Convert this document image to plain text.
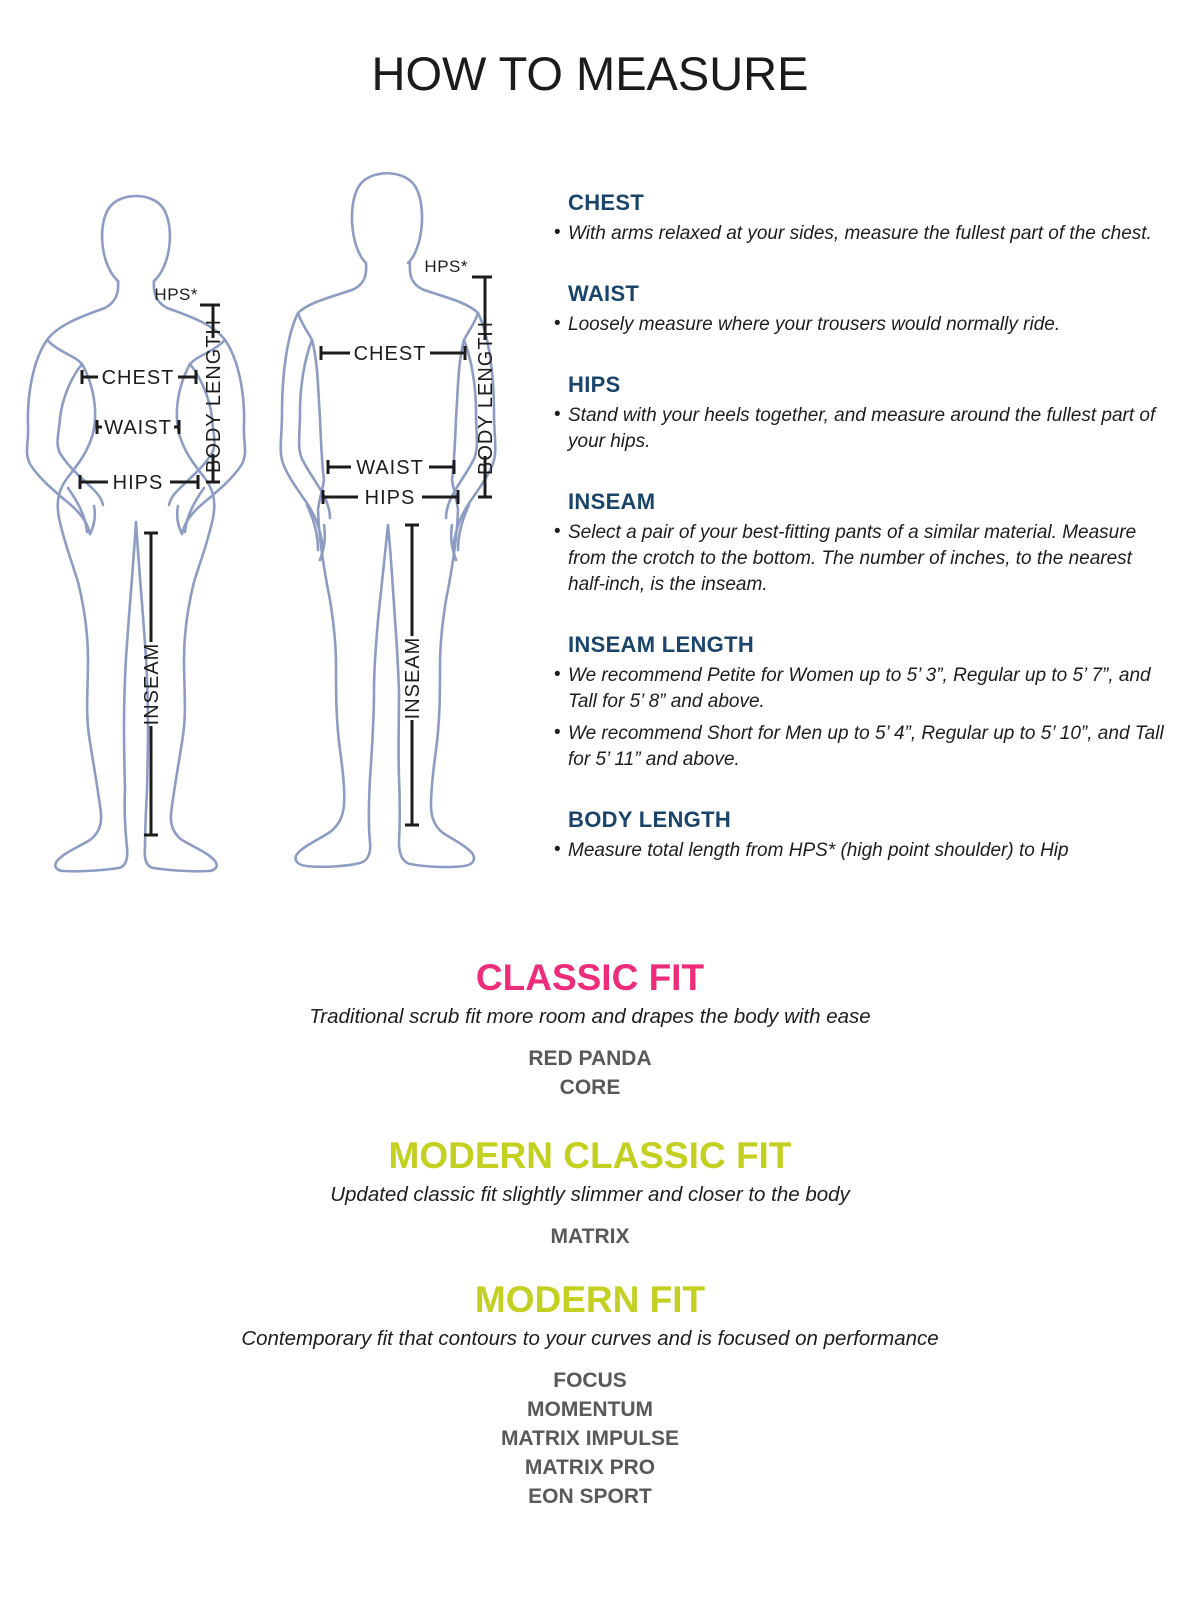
HOW TO MEASURE
CHEST
WAIST
HIPS
HPS*
BODY LENGTH
INSEAM
CHEST
WAIST
HIPS
HPS*
BODY LENGTH
INSEAM
CHEST
• With arms relaxed at your sides, measure the fullest part of the chest.
WAIST
• Loosely measure where your trousers would normally ride.
HIPS
• Stand with your heels together, and measure around the fullest part of your hips.
INSEAM
• Select a pair of your best-fitting pants of a similar material. Measure from the crotch to the bottom. The number of inches, to the nearest half-inch, is the inseam.
INSEAM LENGTH
• We recommend Petite for Women up to 5’ 3”, Regular up to 5’ 7”, and Tall for 5’ 8” and above.
• We recommend Short for Men up to 5’ 4”, Regular up to 5’ 10”, and Tall for 5’ 11” and above.
BODY LENGTH
• Measure total length from HPS* (high point shoulder) to Hip
CLASSIC FIT

Traditional scrub fit more room and drapes the body with ease

RED PANDA
CORE
MODERN CLASSIC FIT

Updated classic fit slightly slimmer and closer to the body

MATRIX
MODERN FIT

Contemporary fit that contours to your curves and is focused on performance

FOCUS
MOMENTUM
MATRIX IMPULSE
MATRIX PRO
EON SPORT
